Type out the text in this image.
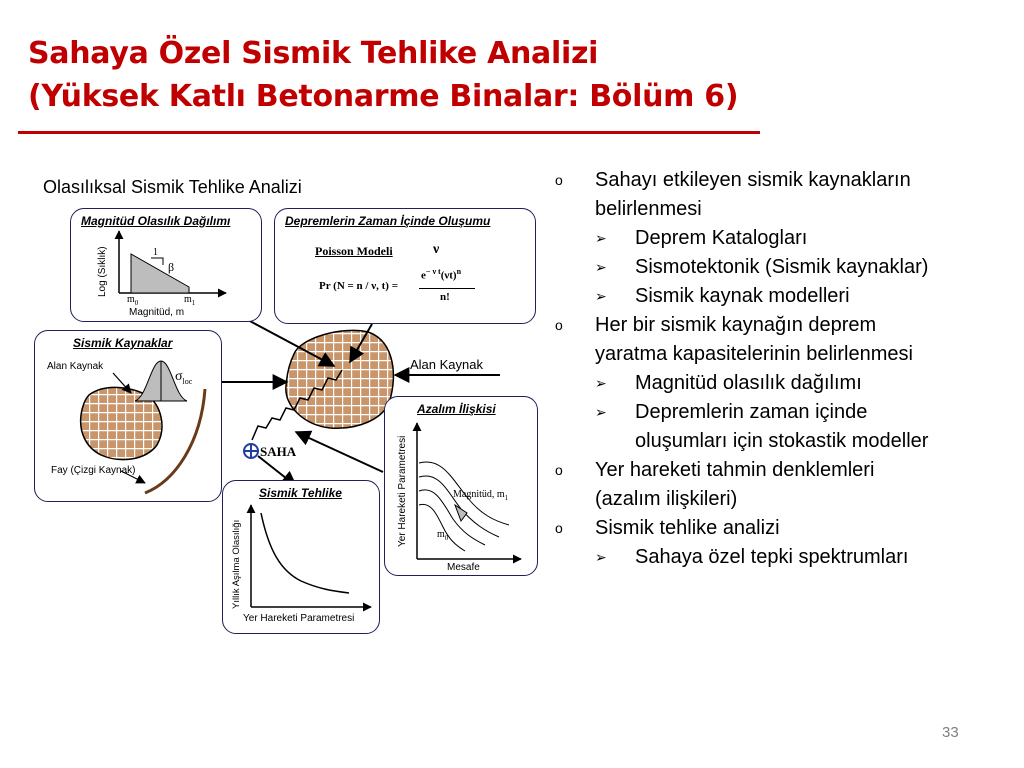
Sahaya Özel Sismik Tehlike Analizi
(Yüksek Katlı Betonarme Binalar: Bölüm 6)
Olasılıksal Sismik Tehlike Analizi
Alan Kaynak
SAHA
Magnitüd Olasılık Dağılımı
Log (Sıklık)	1
β
$m_0$	$m_1$
Magnitüd, m
Depremlerin Zaman İçinde Oluşumu
Poisson Modeli	ν
Pr (N = n / ν, t) =
$e^{- \nu t}(\nu t)^n$
n!
Sismik Kaynaklar
Alan Kaynak
$\sigma_{loc}$
Fay (Çizgi Kaynak)
Azalım İlişkisi
Yer Hareketi Parametresi	Magnitüd, $m_1$
$m_0$
Mesafe
Sismik Tehlike
Yıllık Aşılma Olasılığı
Yer Hareketi Parametresi
o Sahayı etkileyen sismik kaynakların
belirlenmesi
➢ Deprem Katalogları
➢ Sismotektonik (Sismik kaynaklar)
➢ Sismik kaynak modelleri
o Her bir sismik kaynağın deprem
yaratma kapasitelerinin belirlenmesi
➢ Magnitüd olasılık dağılımı
➢ Depremlerin zaman içinde
oluşumları için stokastik modeller
o Yer hareketi tahmin denklemleri
(azalım ilişkileri)
o Sismik tehlike analizi
➢ Sahaya özel tepki spektrumları
33
